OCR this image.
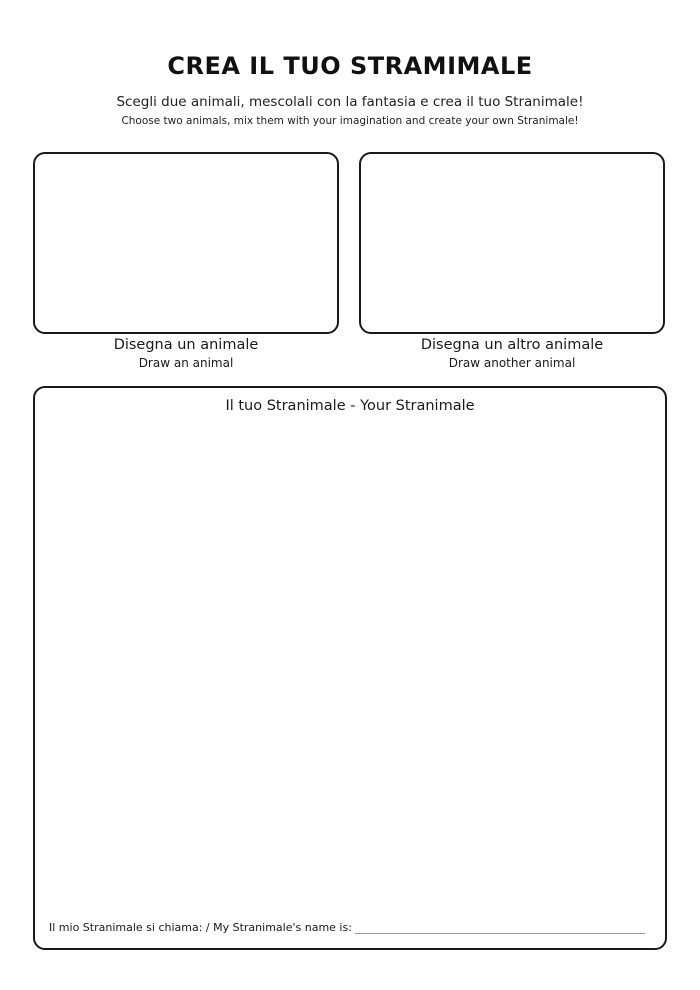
CREA IL TUO STRAMIMALE
Scegli due animali, mescolali con la fantasia e crea il tuo Stranimale!
Choose two animals, mix them with your imagination and create your own Stranimale!
Disegna un animale
Draw an animal
Disegna un altro animale
Draw another animal
Il tuo Stranimale - Your Stranimale
Il mio Stranimale si chiama: / My Stranimale's name is:
